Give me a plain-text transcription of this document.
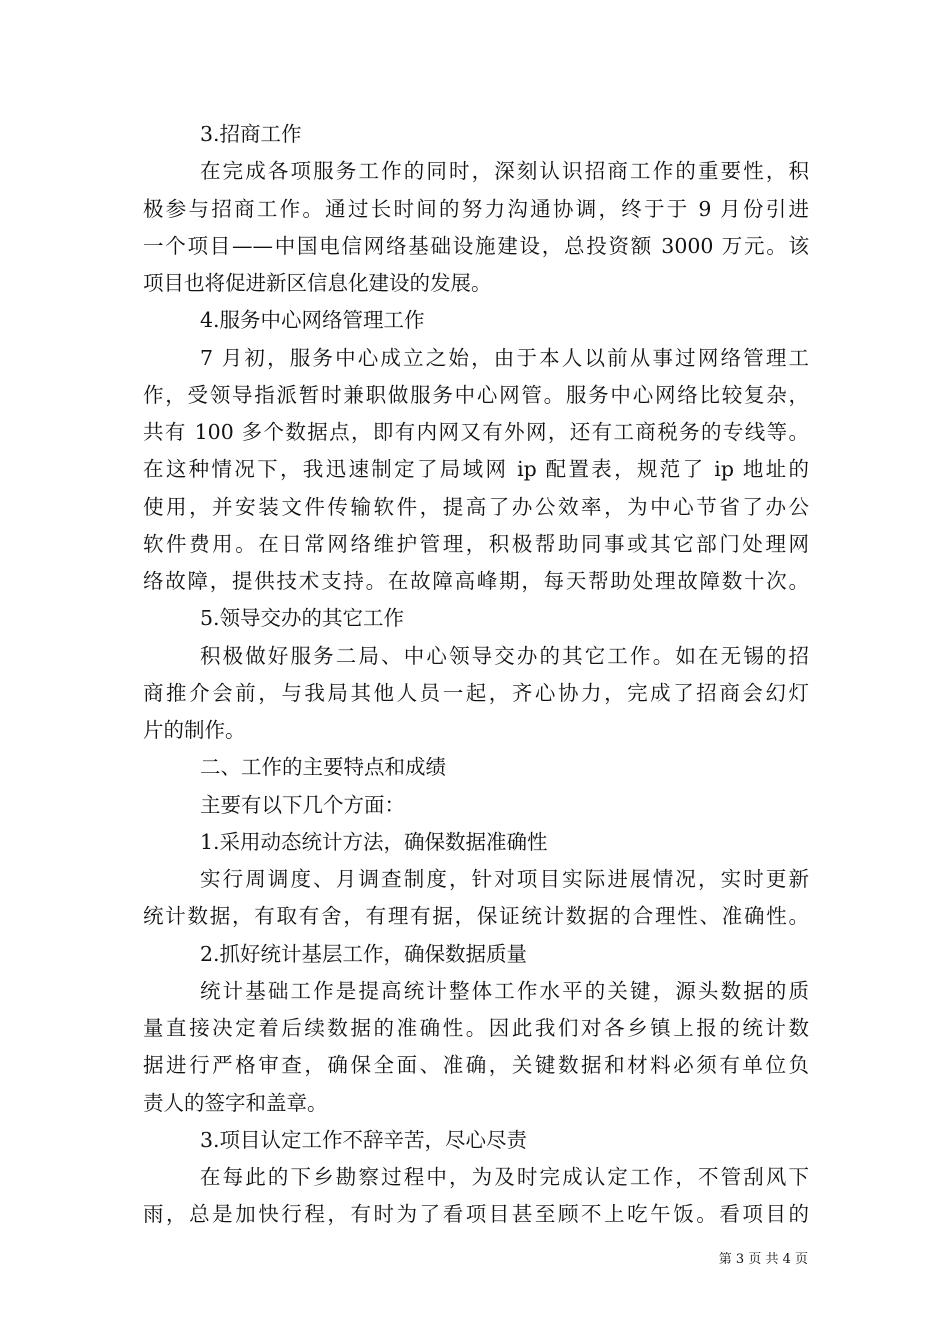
3.招商工作
在完成各项服务工作的同时，深刻认识招商工作的重要性，积
极参与招商工作。通过长时间的努力沟通协调，终于于 9 月份引进
一个项目——中国电信网络基础设施建设，总投资额 3000 万元。该
项目也将促进新区信息化建设的发展。
4.服务中心网络管理工作
7 月初，服务中心成立之始，由于本人以前从事过网络管理工
作，受领导指派暂时兼职做服务中心网管。服务中心网络比较复杂，
共有 100 多个数据点，即有内网又有外网，还有工商税务的专线等。
在这种情况下，我迅速制定了局域网 ip 配置表，规范了 ip 地址的
使用，并安装文件传输软件，提高了办公效率，为中心节省了办公
软件费用。在日常网络维护管理，积极帮助同事或其它部门处理网
络故障，提供技术支持。在故障高峰期，每天帮助处理故障数十次。
5.领导交办的其它工作
积极做好服务二局、中心领导交办的其它工作。如在无锡的招
商推介会前，与我局其他人员一起，齐心协力，完成了招商会幻灯
片的制作。
二、工作的主要特点和成绩
主要有以下几个方面：
1.采用动态统计方法，确保数据准确性
实行周调度、月调查制度，针对项目实际进展情况，实时更新
统计数据，有取有舍，有理有据，保证统计数据的合理性、准确性。
2.抓好统计基层工作，确保数据质量
统计基础工作是提高统计整体工作水平的关键，源头数据的质
量直接决定着后续数据的准确性。因此我们对各乡镇上报的统计数
据进行严格审查，确保全面、准确，关键数据和材料必须有单位负
责人的签字和盖章。
3.项目认定工作不辞辛苦，尽心尽责
在每此的下乡勘察过程中，为及时完成认定工作，不管刮风下
雨，总是加快行程，有时为了看项目甚至顾不上吃午饭。看项目的
第 3 页 共 4 页
